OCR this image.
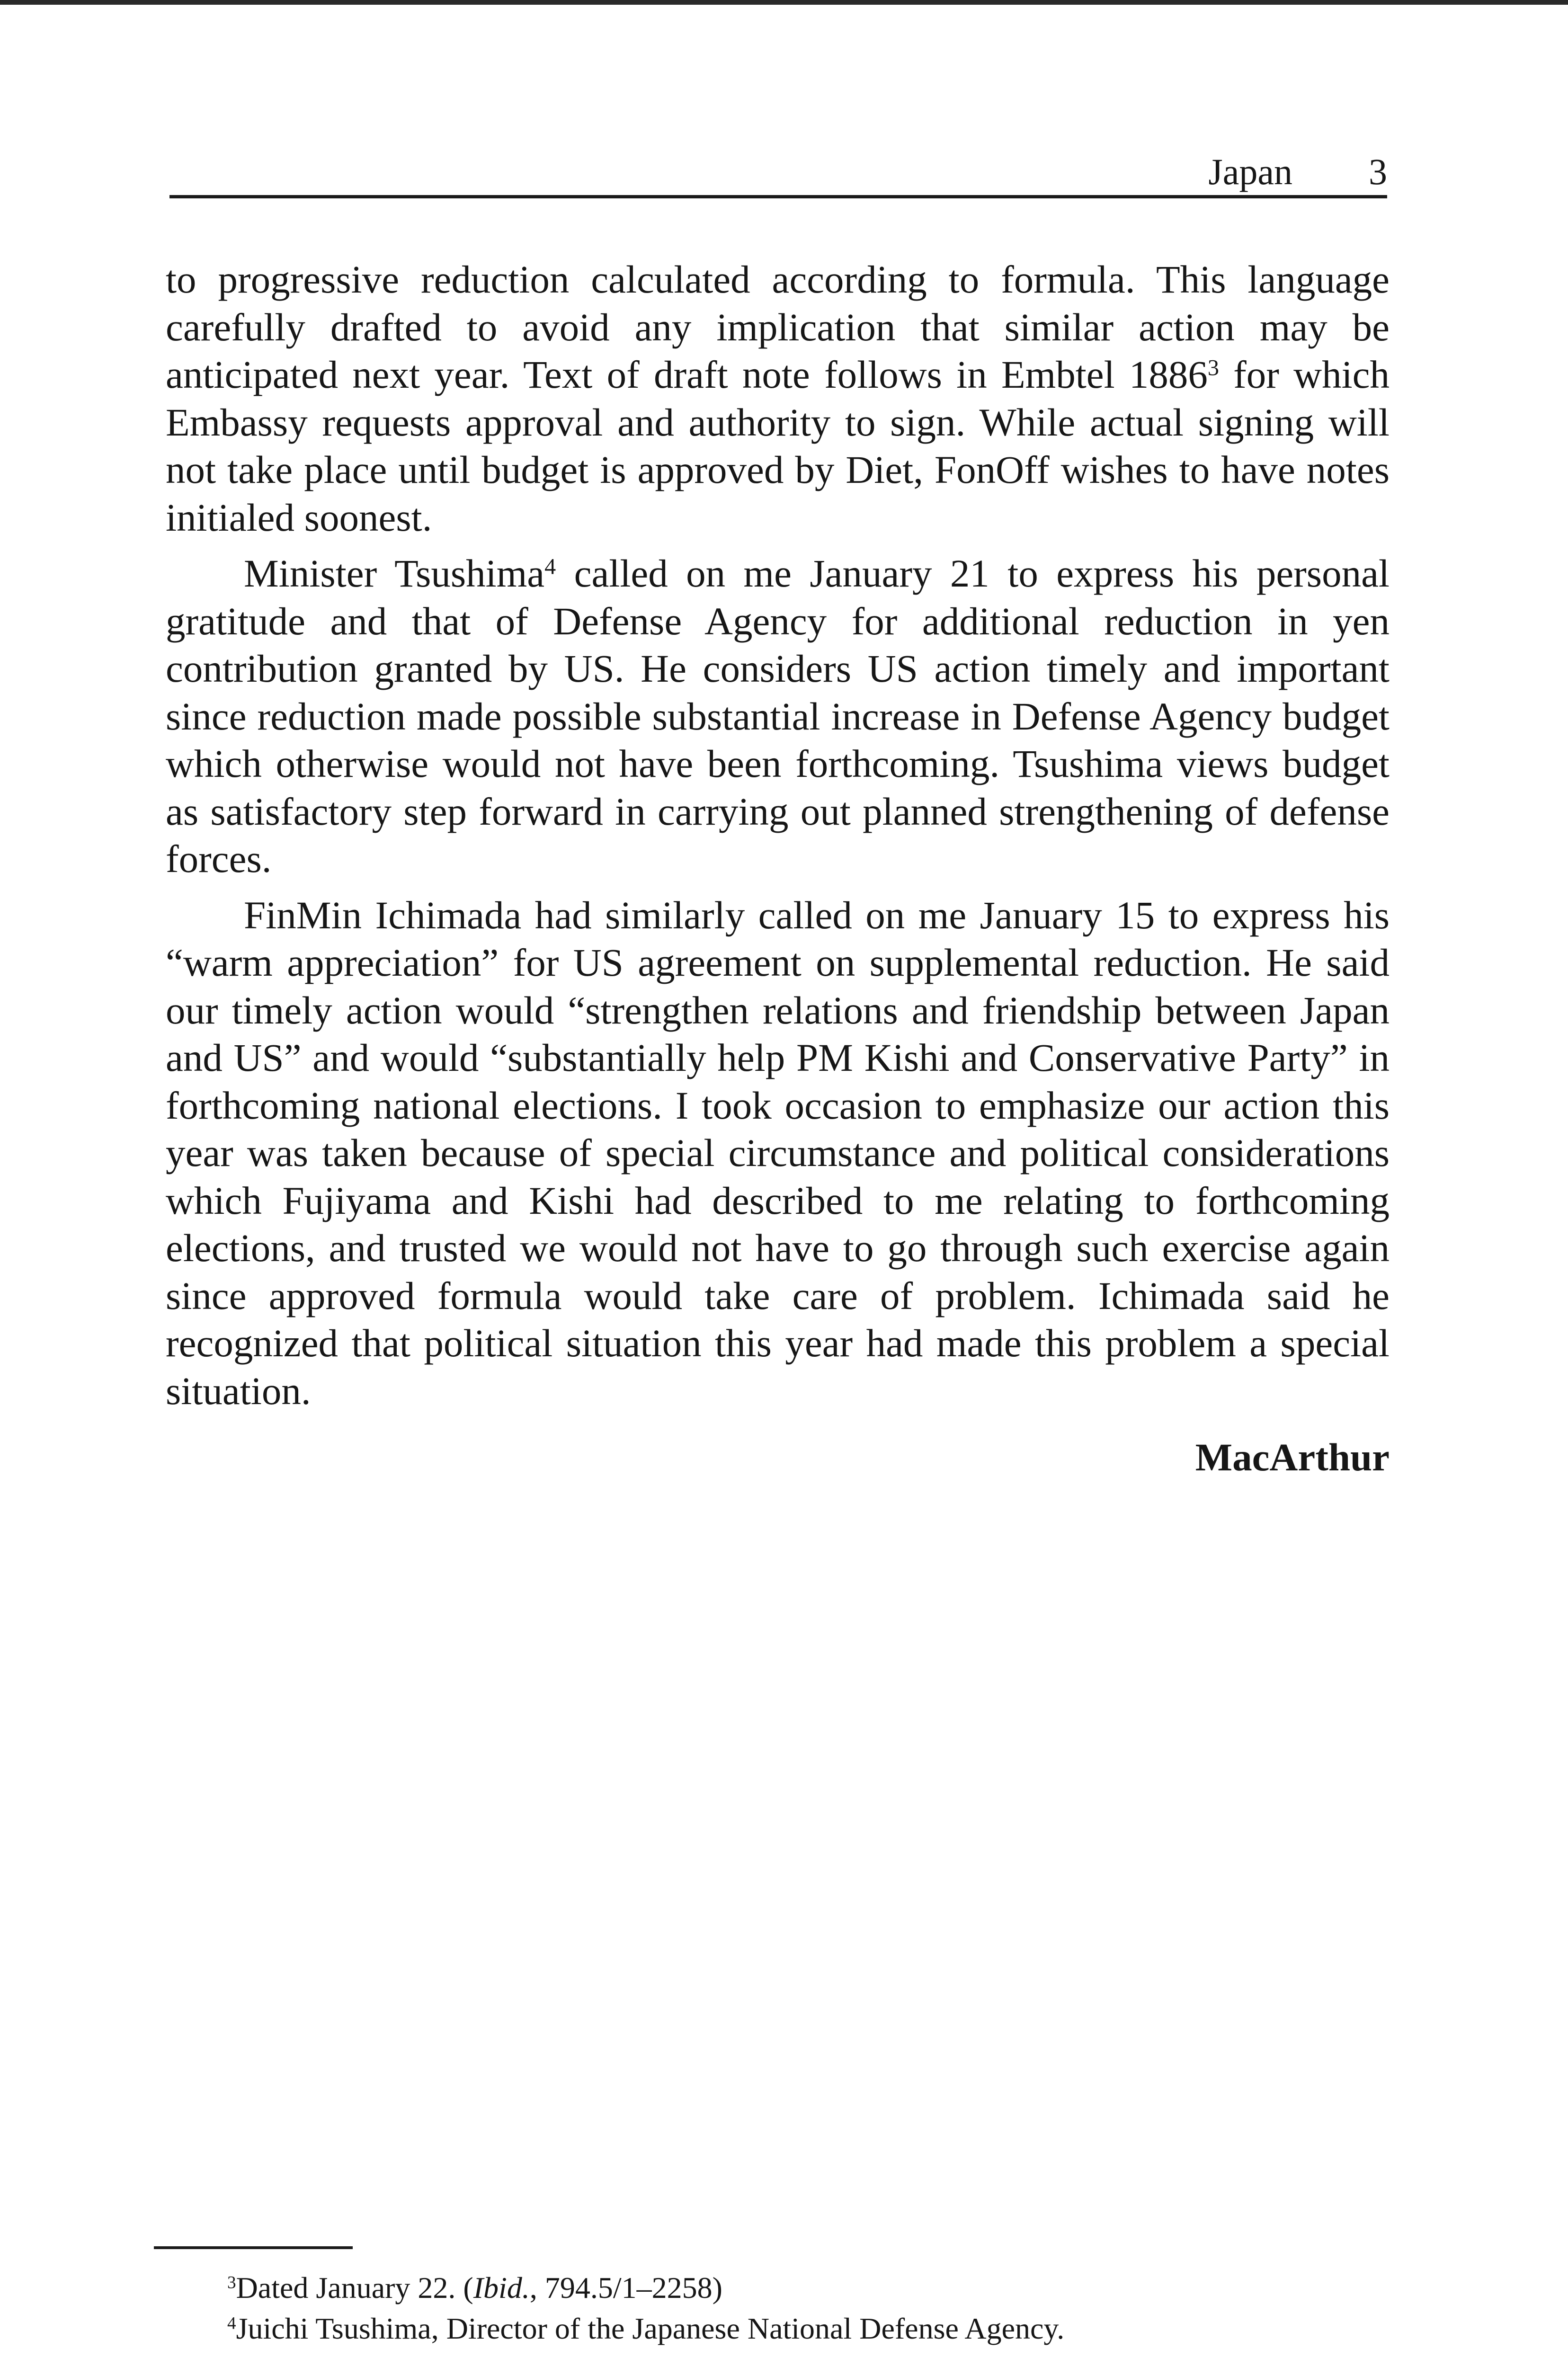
Japan 3

to progressive reduction calculated according to formula. This language carefully drafted to avoid any implication that similar action may be anticipated next year. Text of draft note follows in Embtel 1886$^3$ for which Embassy requests approval and authority to sign. While actual signing will not take place until budget is approved by Diet, FonOff wishes to have notes initialed soonest.

Minister Tsushima$^4$ called on me January 21 to express his personal gratitude and that of Defense Agency for additional reduction in yen contribution granted by US. He considers US action timely and important since reduction made possible substantial increase in Defense Agency budget which otherwise would not have been forthcoming. Tsushima views budget as satisfactory step forward in carrying out planned strengthening of defense forces.

FinMin Ichimada had similarly called on me January 15 to express his “warm appreciation” for US agreement on supplemental reduction. He said our timely action would “strengthen relations and friendship between Japan and US” and would “substantially help PM Kishi and Conservative Party” in forthcoming national elections. I took occasion to emphasize our action this year was taken because of special circumstance and political considerations which Fujiyama and Kishi had described to me relating to forthcoming elections, and trusted we would not have to go through such exercise again since approved formula would take care of problem. Ichimada said he recognized that political situation this year had made this problem a special situation.

MacArthur
$^3$Dated January 22. (Ibid., 794.5/1–2258)
$^4$Juichi Tsushima, Director of the Japanese National Defense Agency.
